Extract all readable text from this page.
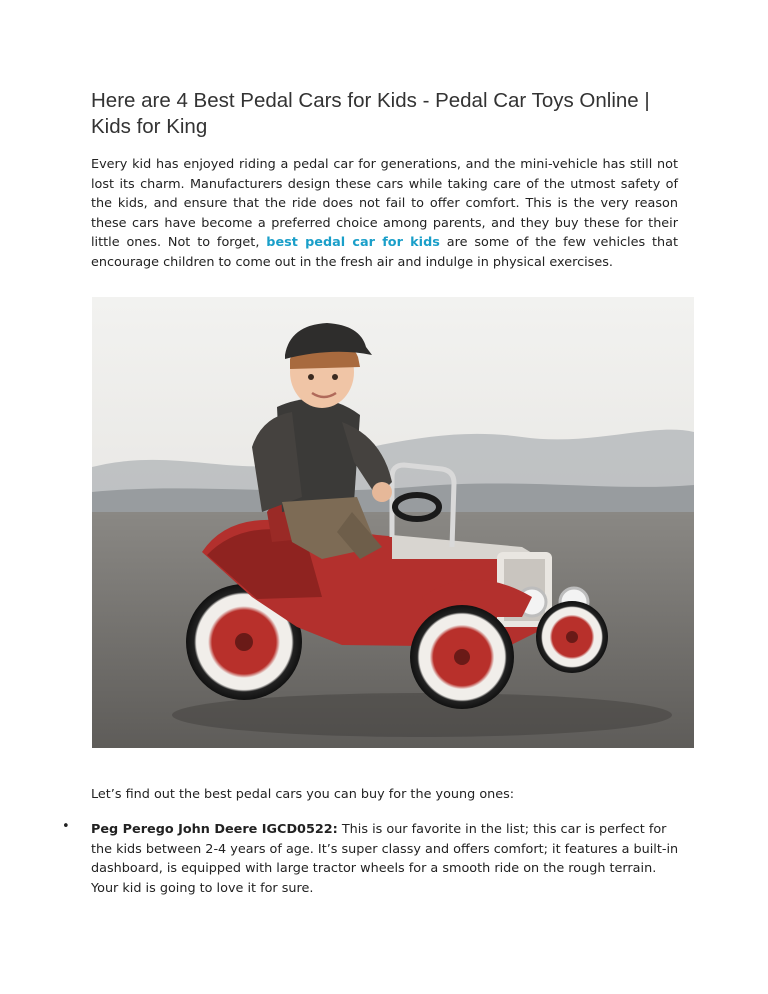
Here are 4 Best Pedal Cars for Kids - Pedal Car Toys Online | Kids for King

Every kid has enjoyed riding a pedal car for generations, and the mini-vehicle has still not lost its charm. Manufacturers design these cars while taking care of the utmost safety of the kids, and ensure that the ride does not fail to offer comfort. This is the very reason these cars have become a preferred choice among parents, and they buy these for their little ones. Not to forget, best pedal car for kids are some of the few vehicles that encourage children to come out in the fresh air and indulge in physical exercises.

Let’s find out the best pedal cars you can buy for the young ones:

• Peg Perego John Deere IGCD0522: This is our favorite in the list; this car is perfect for the kids between 2-4 years of age. It’s super classy and offers comfort; it features a built-in dashboard, is equipped with large tractor wheels for a smooth ride on the rough terrain. Your kid is going to love it for sure.
